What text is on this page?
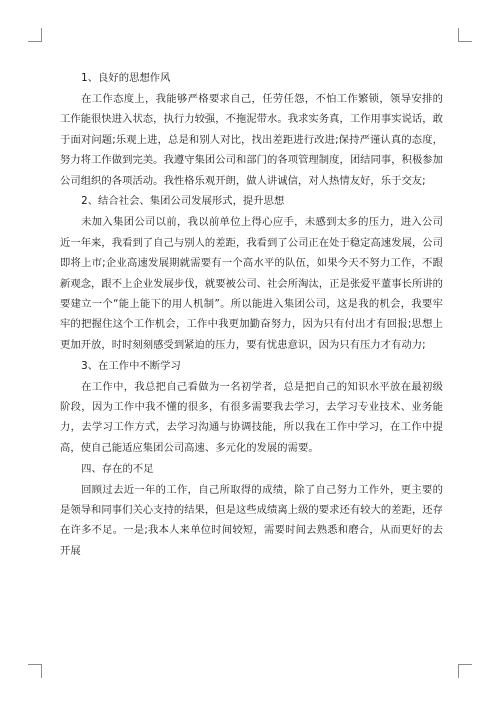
1、良好的思想作风

在工作态度上，我能够严格要求自己，任劳任怨，不怕工作繁锁，领导安排的工作能很快进入状态，执行力较强，不拖泥带水。我求实务真，工作用事实说话，敢于面对问题;乐观上进，总是和别人对比，找出差距进行改进;保持严谨认真的态度，努力将工作做到完美。我遵守集团公司和部门的各项管理制度，团结同事，积极参加公司组织的各项活动。我性格乐观开朗，做人讲诚信，对人热情友好，乐于交友;

2、结合社会、集团公司发展形式，提升思想

未加入集团公司以前，我以前单位上得心应手，未感到太多的压力，进入公司近一年来，我看到了自己与别人的差距，我看到了公司正在处于稳定高速发展，公司即将上市;企业高速发展期就需要有一个高水平的队伍，如果今天不努力工作，不跟新观念，跟不上企业发展步伐，就要被公司、社会所淘汰，正是张爱平董事长所讲的要建立一个“能上能下的用人机制”。所以能进入集团公司，这是我的机会，我要牢牢的把握住这个工作机会，工作中我更加勤奋努力，因为只有付出才有回报;思想上更加开放，时时刻刻感受到紧迫的压力，要有忧患意识，因为只有压力才有动力;

3、在工作中不断学习

在工作中，我总把自己看做为一名初学者，总是把自己的知识水平放在最初级阶段，因为工作中我不懂的很多，有很多需要我去学习，去学习专业技术、业务能力，去学习工作方式，去学习沟通与协调技能，所以我在工作中学习，在工作中提高，使自己能适应集团公司高速、多元化的发展的需要。

四、存在的不足

回顾过去近一年的工作，自己所取得的成绩，除了自己努力工作外，更主要的是领导和同事们关心支持的结果，但是这些成绩离上级的要求还有较大的差距，还存在许多不足。一是;我本人来单位时间较短，需要时间去熟悉和磨合，从而更好的去开展
